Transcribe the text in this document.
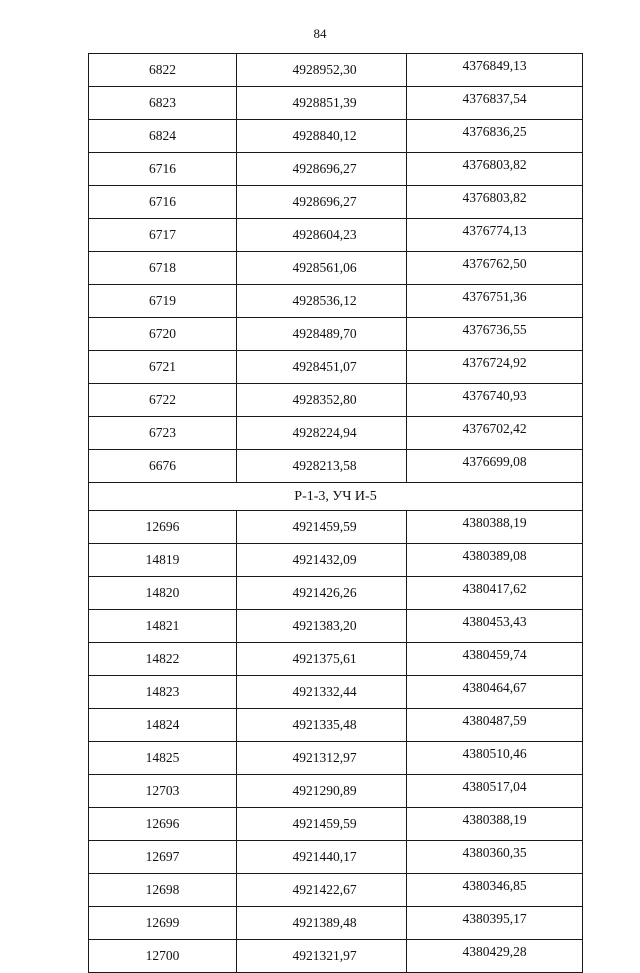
84
6822	4928952,30	4376849,13
6823	4928851,39	4376837,54
6824	4928840,12	4376836,25
6716	4928696,27	4376803,82
6716	4928696,27	4376803,82
6717	4928604,23	4376774,13
6718	4928561,06	4376762,50
6719	4928536,12	4376751,36
6720	4928489,70	4376736,55
6721	4928451,07	4376724,92
6722	4928352,80	4376740,93
6723	4928224,94	4376702,42
6676	4928213,58	4376699,08
Р-1-3, УЧ И-5		
12696	4921459,59	4380388,19
14819	4921432,09	4380389,08
14820	4921426,26	4380417,62
14821	4921383,20	4380453,43
14822	4921375,61	4380459,74
14823	4921332,44	4380464,67
14824	4921335,48	4380487,59
14825	4921312,97	4380510,46
12703	4921290,89	4380517,04
12696	4921459,59	4380388,19
12697	4921440,17	4380360,35
12698	4921422,67	4380346,85
12699	4921389,48	4380395,17
12700	4921321,97	4380429,28
